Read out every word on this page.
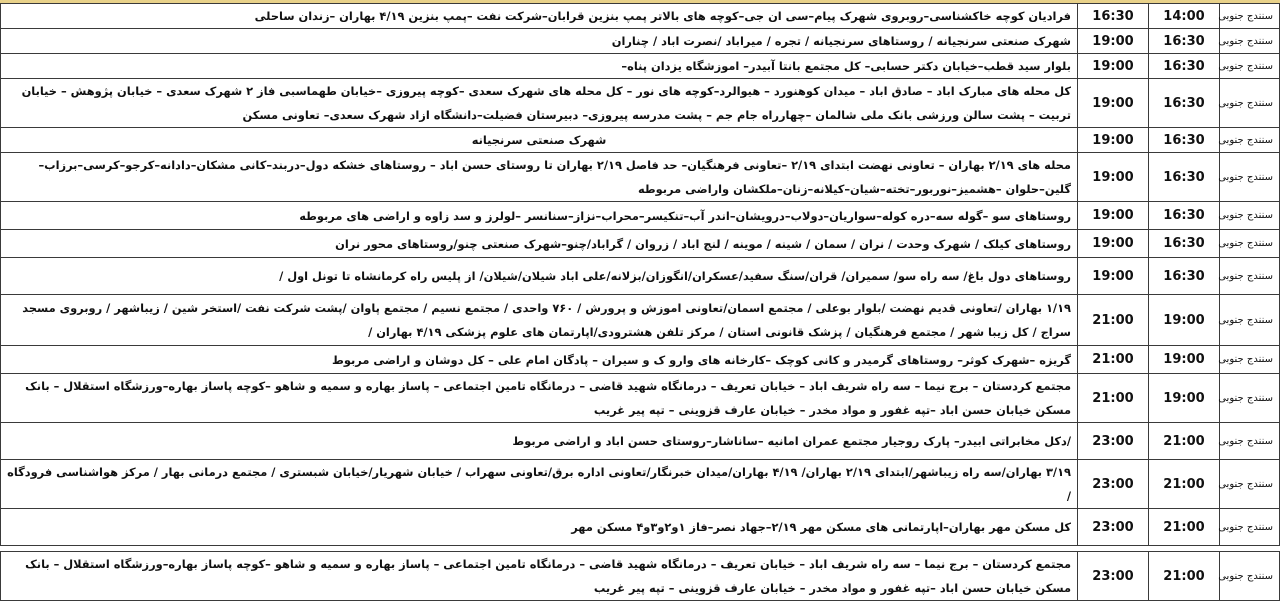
سنندج جنوبی	14:00	16:30	فرادیان کوچه خاکشناسی–روبروی شهرک پیام–سی ان جی–کوچه های بالاتر پمپ بنزین قرابان–شرکت نفت –پمپ بنزین ۴/۱۹ بهاران –زندان ساحلی
سنندج جنوبی	16:30	19:00	شهرک صنعتی سرنجیانه / روستاهای سرنجیانه / تجره / میراباد /نصرت اباد / چناران
سنندج جنوبی	16:30	19:00	بلوار سید قطب–خیابان دکتر حسابی– کل مجتمع بانتا آبیدر– اموزشگاه یزدان پناه–
سنندج جنوبی	16:30	19:00	کل محله های مبارک اباد – صادق اباد – میدان کوهنورد – هیوالرد–کوچه های نور – کل محله های شهرک سعدی –کوچه پیروزی –خیابان طهماسبی فاز ۲ شهرک سعدی – خیابان پژوهش – خیابان تربیت – پشت سالن ورزشی بانک ملی شالمان –چهارراه جام جم – پشت مدرسه پیروزی– دبیرستان فضیلت–دانشگاه ازاد شهرک سعدی– تعاونی مسکن
سنندج جنوبی	16:30	19:00	شهرک صنعتی سرنجیانه
سنندج جنوبی	16:30	19:00	محله های ۲/۱۹ بهاران – تعاونی نهضت ابتدای ۲/۱۹ –تعاونی فرهنگیان– حد فاصل ۲/۱۹ بهاران تا روستای حسن اباد – روستاهای خشکه دول–دربند–کانی مشکان–دادانه–کرجو–کرسی–برزاب–گلین–حلوان –هشمیز–نوربور–تخته–شیان–کیلانه–زنان–ملکشان واراضی مربوطه
سنندج جنوبی	16:30	19:00	روستاهای سو –گوله سه–دره کوله–سواریان–دولاب–درویشان–اندر آب–تنکیسر–محراب–نزاز–سنانسر –لولرز و سد زاوه و اراضی های مربوطه
سنندج جنوبی	16:30	19:00	روستاهای کیلک / شهرک وحدت / نران / سمان / شینه / موینه / لنج اباد / زروان / گراباد/چنو–شهرک صنعتی چنو/روستاهای محور نران
سنندج جنوبی	16:30	19:00	روستاهای دول باغ/ سه راه سو/ سمیران/ قران/سنگ سفید/عسکران/انگوزان/بزلانه/علی اباد شیلان/شیلان/ از پلیس راه کرمانشاه تا تونل اول /
سنندج جنوبی	19:00	21:00	۱/۱۹ بهاران /تعاونی قدیم نهضت /بلوار بوعلی / مجتمع اسمان/تعاونی اموزش و پرورش / ۷۶۰ واحدی / مجتمع نسیم / مجتمع پاوان /پشت شرکت نفت /استخر شین / زیباشهر / روبروی مسجد سراج / کل زیبا شهر / مجتمع فرهنگیان / پزشک قانونی استان / مرکز تلفن هشترودی/اپارتمان های علوم پزشکی ۴/۱۹ بهاران /
سنندج جنوبی	19:00	21:00	گریزه –شهرک کوثر– روستاهای گرمیدر و کانی کوچک –کارخانه های وارو ک و سیران – پادگان امام علی – کل دوشان و اراضی مربوط
سنندج جنوبی	19:00	21:00	مجتمع کردستان – برج نیما – سه راه شریف اباد – خیابان تعریف – درمانگاه شهید قاضی – درمانگاه تامین اجتماعی – پاساز بهاره و سمیه و شاهو –کوچه پاساز بهاره–ورزشگاه استقلال – بانک مسکن خیابان حسن اباد –تپه غفور و مواد مخدر – خیابان عارف قزوینی – تپه پیر غریب
سنندج جنوبی	21:00	23:00	/دکل مخابراتی ابیدر– پارک روجیار مجتمع عمران امانیه –ساناشار–روستای حسن اباد و اراضی مربوط
سنندج جنوبی	21:00	23:00	۳/۱۹ بهاران/سه راه زیباشهر/ابتدای ۲/۱۹ بهاران/ ۴/۱۹ بهاران/میدان خبرنگار/تعاونی اداره برق/تعاونی سهراب / خیابان شهریار/خیابان شبستری / مجتمع درمانی بهار / مرکز هواشناسی فرودگاه /
سنندج جنوبی	21:00	23:00	کل مسکن مهر بهاران–اپارتمانی های مسکن مهر ۲/۱۹–جهاد نصر–فاز ۱و۲و۳و۴ مسکن مهر

سنندج جنوبی	21:00	23:00	مجتمع کردستان – برج نیما – سه راه شریف اباد – خیابان تعریف – درمانگاه شهید قاضی – درمانگاه تامین اجتماعی – پاساز بهاره و سمیه و شاهو –کوچه پاساز بهاره–ورزشگاه استقلال – بانک مسکن خیابان حسن اباد –تپه غفور و مواد مخدر – خیابان عارف قزوینی – تپه پیر غریب
